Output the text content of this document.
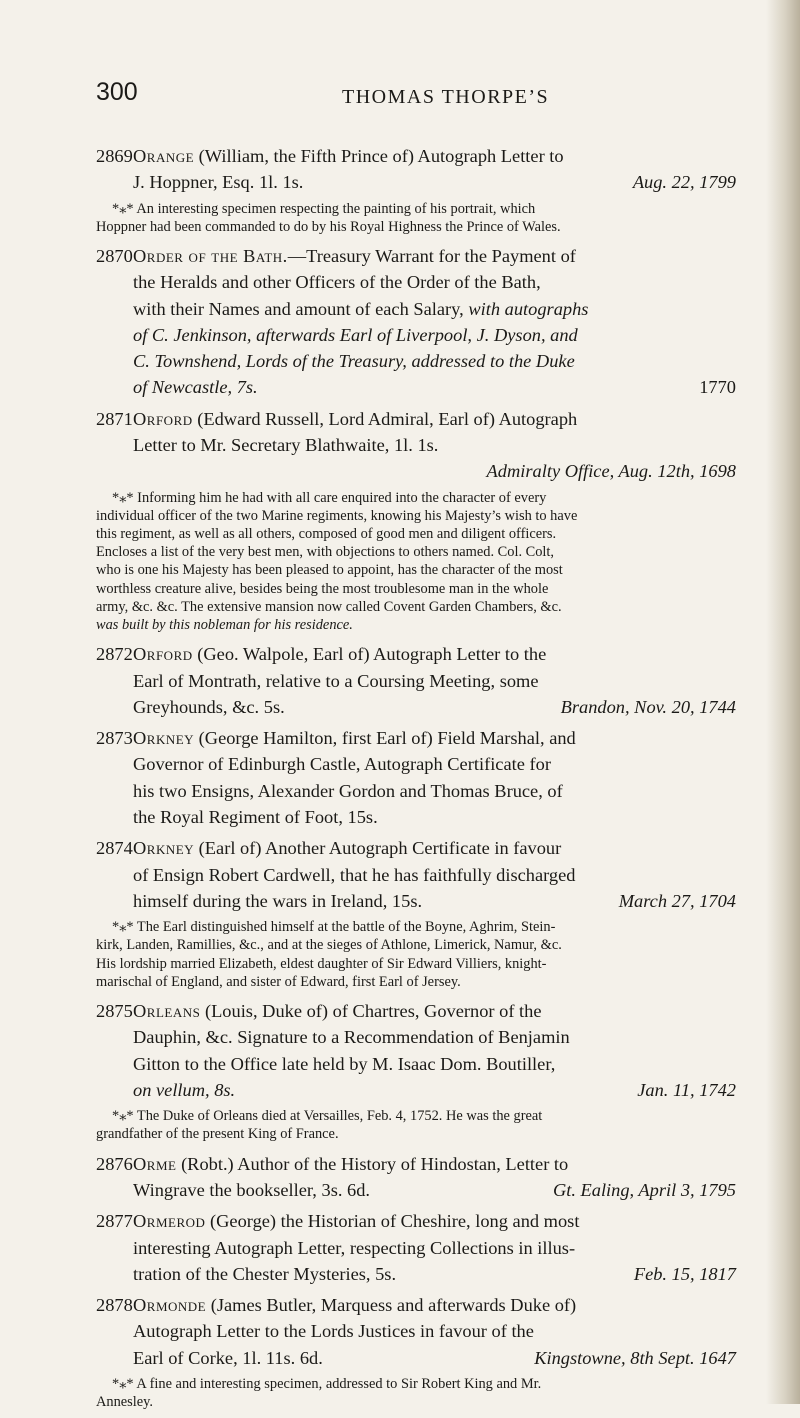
300	THOMAS THORPE’S
2869Orange (William, the Fifth Prince of) Autograph Letter to
J. Hoppner, Esq. 1l. 1s.	Aug. 22, 1799
*⁎* An interesting specimen respecting the painting of his portrait, which
Hoppner had been commanded to do by his Royal Highness the Prince of Wales.
2870Order of the Bath.—Treasury Warrant for the Payment of
the Heralds and other Officers of the Order of the Bath,
with their Names and amount of each Salary, with autographs
of C. Jenkinson, afterwards Earl of Liverpool, J. Dyson, and
C. Townshend, Lords of the Treasury, addressed to the Duke
of Newcastle, 7s.	1770
2871Orford (Edward Russell, Lord Admiral, Earl of) Autograph
Letter to Mr. Secretary Blathwaite, 1l. 1s.
Admiralty Office, Aug. 12th, 1698

*⁎* Informing him he had with all care enquired into the character of every
individual officer of the two Marine regiments, knowing his Majesty’s wish to have
this regiment, as well as all others, composed of good men and diligent officers.
Encloses a list of the very best men, with objections to others named. Col. Colt,
who is one his Majesty has been pleased to appoint, has the character of the most
worthless creature alive, besides being the most troublesome man in the whole
army, &c. &c. The extensive mansion now called Covent Garden Chambers, &c.
was built by this nobleman for his residence.
2872Orford (Geo. Walpole, Earl of) Autograph Letter to the
Earl of Montrath, relative to a Coursing Meeting, some
Greyhounds, &c. 5s.	Brandon, Nov. 20, 1744
2873Orkney (George Hamilton, first Earl of) Field Marshal, and
Governor of Edinburgh Castle, Autograph Certificate for
his two Ensigns, Alexander Gordon and Thomas Bruce, of
the Royal Regiment of Foot, 15s.
2874Orkney (Earl of) Another Autograph Certificate in favour
of Ensign Robert Cardwell, that he has faithfully discharged
himself during the wars in Ireland, 15s.	March 27, 1704
*⁎* The Earl distinguished himself at the battle of the Boyne, Aghrim, Stein-
kirk, Landen, Ramillies, &c., and at the sieges of Athlone, Limerick, Namur, &c.
His lordship married Elizabeth, eldest daughter of Sir Edward Villiers, knight-
marischal of England, and sister of Edward, first Earl of Jersey.
2875Orleans (Louis, Duke of) of Chartres, Governor of the
Dauphin, &c. Signature to a Recommendation of Benjamin
Gitton to the Office late held by M. Isaac Dom. Boutiller,
on vellum, 8s.	Jan. 11, 1742
*⁎* The Duke of Orleans died at Versailles, Feb. 4, 1752. He was the great
grandfather of the present King of France.
2876Orme (Robt.) Author of the History of Hindostan, Letter to
Wingrave the bookseller, 3s. 6d.	Gt. Ealing, April 3, 1795
2877Ormerod (George) the Historian of Cheshire, long and most
interesting Autograph Letter, respecting Collections in illus-
tration of the Chester Mysteries, 5s.	Feb. 15, 1817
2878Ormonde (James Butler, Marquess and afterwards Duke of)
Autograph Letter to the Lords Justices in favour of the
Earl of Corke, 1l. 11s. 6d.	Kingstowne, 8th Sept. 1647
*⁎* A fine and interesting specimen, addressed to Sir Robert King and Mr.
Annesley.
